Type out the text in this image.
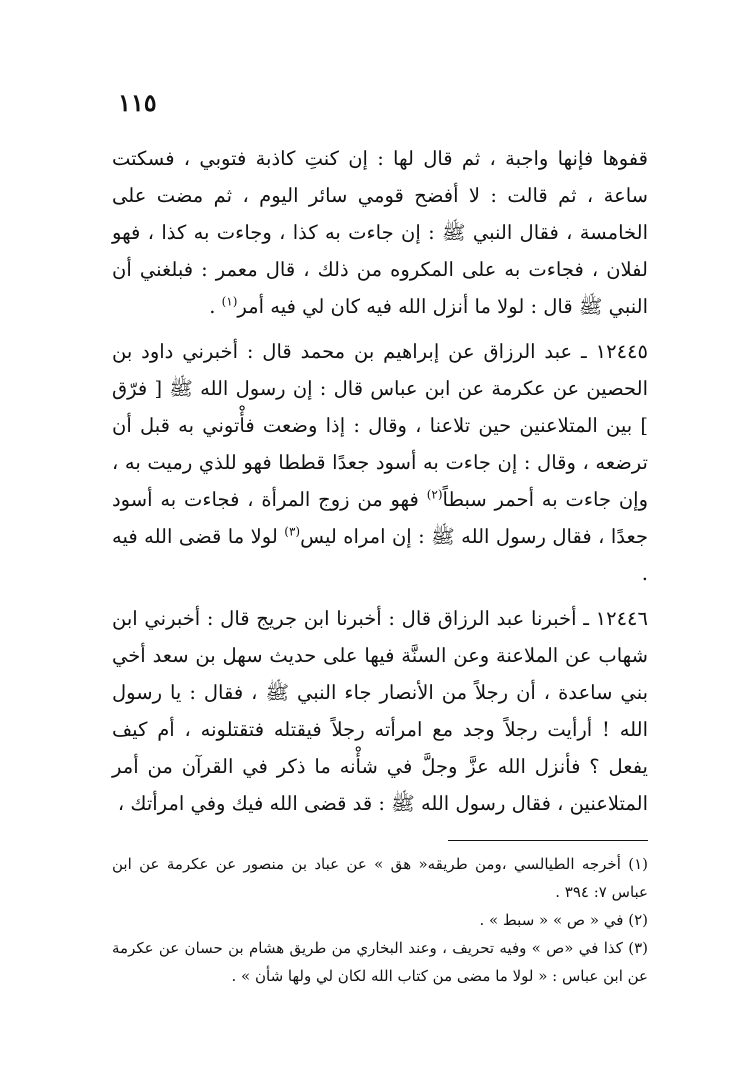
١١٥

قفوها فإنها واجبة ، ثم قال لها : إن كنتِ كاذبة فتوبي ، فسكتت ساعة ، ثم قالت : لا أفضح قومي سائر اليوم ، ثم مضت على الخامسة ، فقال النبي ﷺ : إن جاءت به كذا ، وجاءت به كذا ، فهو لفلان ، فجاءت به على المكروه من ذلك ، قال معمر : فبلغني أن النبي ﷺ قال : لولا ما أنزل الله فيه كان لي فيه أمر$^{(١)}$ .

١٢٤٤٥ ـ عبد الرزاق عن إبراهيم بن محمد قال : أخبرني داود بن الحصين عن عكرمة عن ابن عباس قال : إن رسول الله ﷺ [ فرّق ] بين المتلاعنين حين تلاعنا ، وقال : إذا وضعت فأْتوني به قبل أن ترضعه ، وقال : إن جاءت به أسود جعدًا قططا فهو للذي رميت به ، وإن جاءت به أحمر سبطاً$^{(٢)}$ فهو من زوج المرأة ، فجاءت به أسود جعدًا ، فقال رسول الله ﷺ : إن امراه ليس$^{(٣)}$ لولا ما قضى الله فيه .

١٢٤٤٦ ـ أخبرنا عبد الرزاق قال : أخبرنا ابن جريج قال : أخبرني ابن شهاب عن الملاعنة وعن السنَّة فيها على حديث سهل بن سعد أخي بني ساعدة ، أن رجلاً من الأنصار جاء النبي ﷺ ، فقال : يا رسول الله ! أرأيت رجلاً وجد مع امرأته رجلاً فيقتله فتقتلونه ، أم كيف يفعل ؟ فأنزل الله عزَّ وجلَّ في شأْنه ما ذكر في القرآن من أمر المتلاعنين ، فقال رسول الله ﷺ : قد قضى الله فيك وفي امرأتك ،

(١) أخرجه الطيالسي ،ومن طريقه« هق » عن عباد بن منصور عن عكرمة عن ابن عباس ٧: ٣٩٤ .

(٢) في « ص » « سبط » .

(٣) كذا في «ص » وفيه تحريف ، وعند البخاري من طريق هشام بن حسان عن عكرمة عن ابن عباس : « لولا ما مضى من كتاب الله لكان لي ولها شأن » .
